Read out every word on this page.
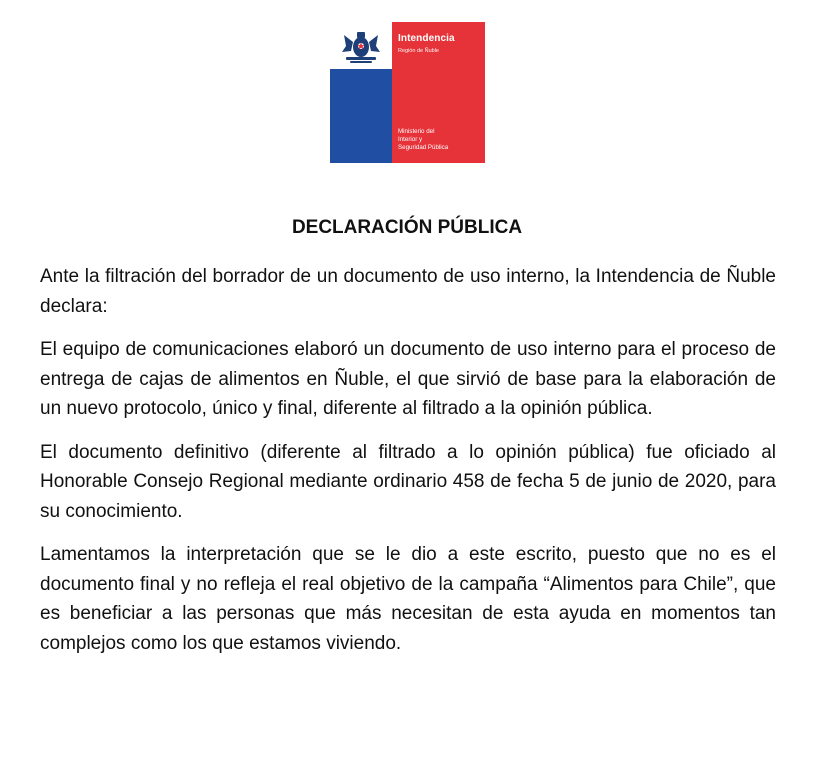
Intendencia
Región de Ñuble
Ministerio del
Interior y
Seguridad Pública
DECLARACIÓN PÚBLICA

Ante la filtración del borrador de un documento de uso interno, la Intendencia de Ñuble declara:

El equipo de comunicaciones elaboró un documento de uso interno para el proceso de entrega de cajas de alimentos en Ñuble, el que sirvió de base para la elaboración de un nuevo protocolo, único y final, diferente al filtrado a la opinión pública.

El documento definitivo (diferente al filtrado a lo opinión pública) fue oficiado al Honorable Consejo Regional mediante ordinario 458 de fecha 5 de junio de 2020, para su conocimiento.

Lamentamos la interpretación que se le dio a este escrito, puesto que no es el documento final y no refleja el real objetivo de la campaña “Alimentos para Chile”, que es beneficiar a las personas que más necesitan de esta ayuda en momentos tan complejos como los que estamos viviendo.
